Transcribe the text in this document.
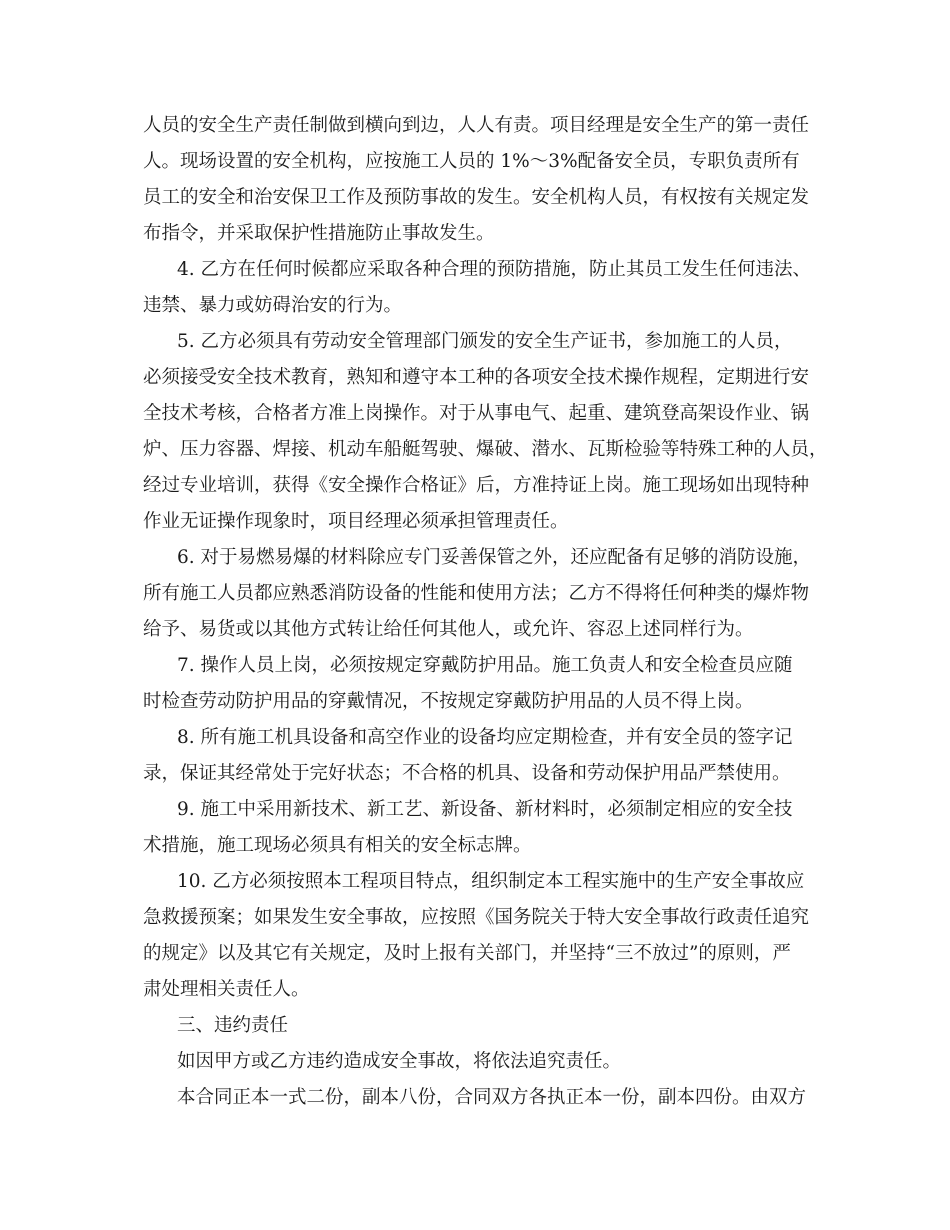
人员的安全生产责任制做到横向到边，人人有责。项目经理是安全生产的第一责任
人。现场设置的安全机构，应按施工人员的 1%～3%配备安全员，专职负责所有
员工的安全和治安保卫工作及预防事故的发生。安全机构人员，有权按有关规定发
布指令，并采取保护性措施防止事故发生。
4. 乙方在任何时候都应采取各种合理的预防措施，防止其员工发生任何违法、
违禁、暴力或妨碍治安的行为。
5. 乙方必须具有劳动安全管理部门颁发的安全生产证书，参加施工的人员，
必须接受安全技术教育，熟知和遵守本工种的各项安全技术操作规程，定期进行安
全技术考核，合格者方准上岗操作。对于从事电气、起重、建筑登高架设作业、锅
炉、压力容器、焊接、机动车船艇驾驶、爆破、潜水、瓦斯检验等特殊工种的人员，
经过专业培训，获得《安全操作合格证》后，方准持证上岗。施工现场如出现特种
作业无证操作现象时，项目经理必须承担管理责任。
6. 对于易燃易爆的材料除应专门妥善保管之外，还应配备有足够的消防设施，
所有施工人员都应熟悉消防设备的性能和使用方法；乙方不得将任何种类的爆炸物
给予、易货或以其他方式转让给任何其他人，或允许、容忍上述同样行为。
7. 操作人员上岗，必须按规定穿戴防护用品。施工负责人和安全检查员应随
时检查劳动防护用品的穿戴情况，不按规定穿戴防护用品的人员不得上岗。
8. 所有施工机具设备和高空作业的设备均应定期检查，并有安全员的签字记
录，保证其经常处于完好状态；不合格的机具、设备和劳动保护用品严禁使用。
9. 施工中采用新技术、新工艺、新设备、新材料时，必须制定相应的安全技
术措施，施工现场必须具有相关的安全标志牌。
10. 乙方必须按照本工程项目特点，组织制定本工程实施中的生产安全事故应
急救援预案；如果发生安全事故，应按照《国务院关于特大安全事故行政责任追究
的规定》以及其它有关规定，及时上报有关部门，并坚持“三不放过”的原则，严
肃处理相关责任人。
三、违约责任
如因甲方或乙方违约造成安全事故，将依法追究责任。
本合同正本一式二份，副本八份，合同双方各执正本一份，副本四份。由双方
